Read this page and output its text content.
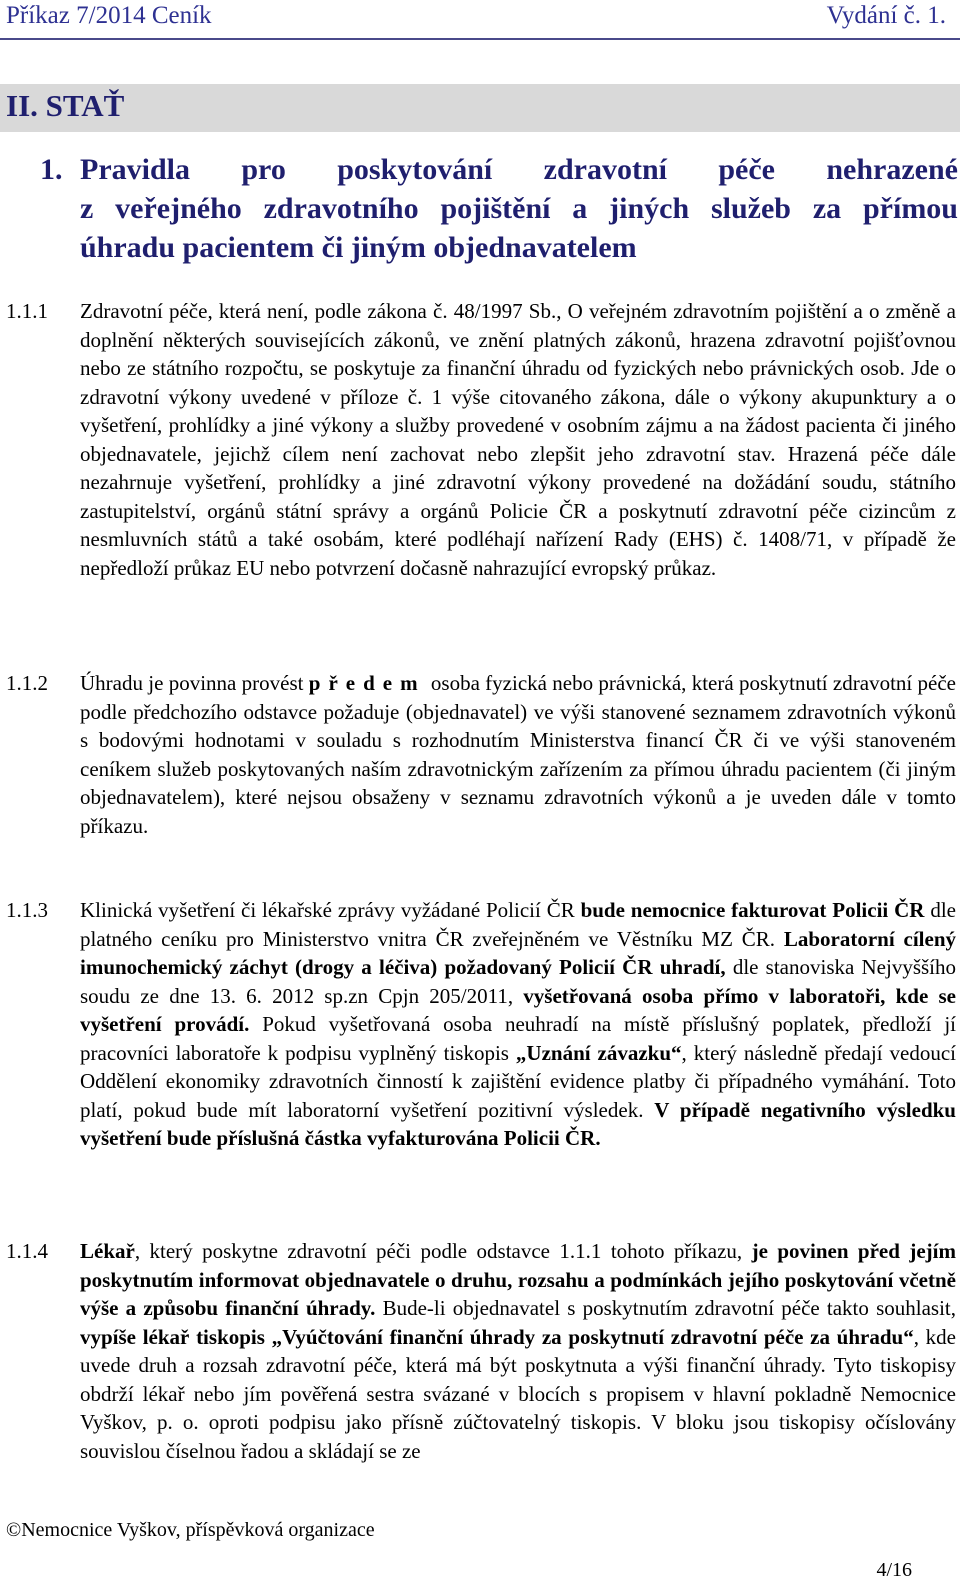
Příkaz 7/2014 Ceník	Vydání č. 1.
II. STAŤ
1. Pravidla pro poskytování zdravotní péče nehrazené
z veřejného zdravotního pojištění a jiných služeb za přímou
úhradu pacientem či jiným objednavatelem
1.1.1	Zdravotní péče, která není, podle zákona č. 48/1997 Sb., O veřejném zdravotním pojištění a o změně a doplnění některých souvisejících zákonů, ve znění platných zákonů, hrazena zdravotní pojišťovnou nebo ze státního rozpočtu, se poskytuje za finanční úhradu od fyzických nebo právnických osob. Jde o zdravotní výkony uvedené v příloze č. 1 výše citovaného zákona, dále o výkony akupunktury a o vyšetření, prohlídky a jiné výkony a služby provedené v osobním zájmu a na žádost pacienta či jiného objednavatele, jejichž cílem není zachovat nebo zlepšit jeho zdravotní stav. Hrazená péče dále nezahrnuje vyšetření, prohlídky a jiné zdravotní výkony provedené na dožádání soudu, státního zastupitelství, orgánů státní správy a orgánů Policie ČR a poskytnutí zdravotní péče cizincům z nesmluvních států a také osobám, které podléhají nařízení Rady (EHS) č. 1408/71, v případě že nepředloží průkaz EU nebo potvrzení dočasně nahrazující evropský průkaz.
1.1.2	Úhradu je povinna provést předem osoba fyzická nebo právnická, která poskytnutí zdravotní péče podle předchozího odstavce požaduje (objednavatel) ve výši stanovené seznamem zdravotních výkonů s bodovými hodnotami v souladu s rozhodnutím Ministerstva financí ČR či ve výši stanoveném ceníkem služeb poskytovaných naším zdravotnickým zařízením za přímou úhradu pacientem (či jiným objednavatelem), které nejsou obsaženy v seznamu zdravotních výkonů a je uveden dále v tomto příkazu.
1.1.3	Klinická vyšetření či lékařské zprávy vyžádané Policií ČR bude nemocnice fakturovat Policii ČR dle platného ceníku pro Ministerstvo vnitra ČR zveřejněném ve Věstníku MZ ČR. Laboratorní cílený imunochemický záchyt (drogy a léčiva) požadovaný Policií ČR uhradí, dle stanoviska Nejvyššího soudu ze dne 13. 6. 2012 sp.zn Cpjn 205/2011, vyšetřovaná osoba přímo v laboratoři, kde se vyšetření provádí. Pokud vyšetřovaná osoba neuhradí na místě příslušný poplatek, předloží jí pracovníci laboratoře k podpisu vyplněný tiskopis „Uznání závazku“, který následně předají vedoucí Oddělení ekonomiky zdravotních činností k zajištění evidence platby či případného vymáhání. Toto platí, pokud bude mít laboratorní vyšetření pozitivní výsledek. V případě negativního výsledku vyšetření bude příslušná částka vyfakturována Policii ČR.
1.1.4	Lékař, který poskytne zdravotní péči podle odstavce 1.1.1 tohoto příkazu, je povinen před jejím poskytnutím informovat objednavatele o druhu, rozsahu a podmínkách jejího poskytování včetně výše a způsobu finanční úhrady. Bude-li objednavatel s poskytnutím zdravotní péče takto souhlasit, vypíše lékař tiskopis „Vyúčtování finanční úhrady za poskytnutí zdravotní péče za úhradu“, kde uvede druh a rozsah zdravotní péče, která má být poskytnuta a výši finanční úhrady. Tyto tiskopisy obdrží lékař nebo jím pověřená sestra svázané v blocích s propisem v hlavní pokladně Nemocnice Vyškov, p. o. oproti podpisu jako přísně zúčtovatelný tiskopis. V bloku jsou tiskopisy očíslovány souvislou číselnou řadou a skládají se ze
©Nemocnice Vyškov, příspěvková organizace
4/16
